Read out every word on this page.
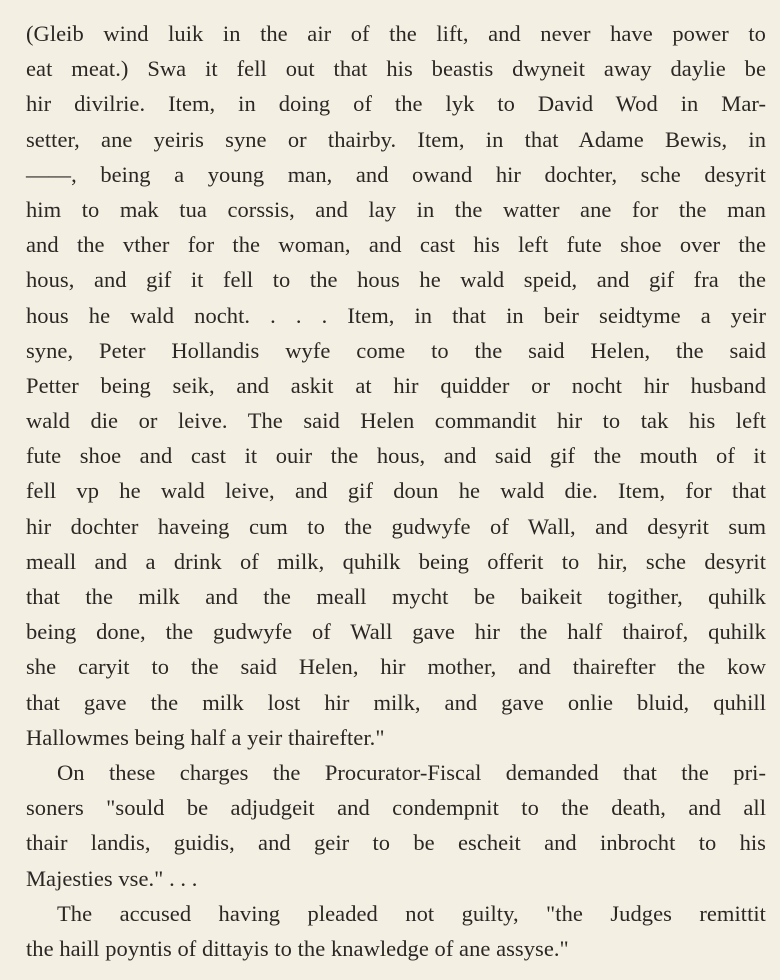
(Gleib wind luik in the air of the lift, and never have power to
eat meat.) Swa it fell out that his beastis dwyneit away daylie be
hir divilrie. Item, in doing of the lyk to David Wod in Mar-
setter, ane yeiris syne or thairby. Item, in that Adame Bewis, in
——, being a young man, and owand hir dochter, sche desyrit
him to mak tua corssis, and lay in the watter ane for the man
and the vther for the woman, and cast his left fute shoe over the
hous, and gif it fell to the hous he wald speid, and gif fra the
hous he wald nocht. . . . Item, in that in beir seidtyme a yeir
syne, Peter Hollandis wyfe come to the said Helen, the said
Petter being seik, and askit at hir quidder or nocht hir husband
wald die or leive. The said Helen commandit hir to tak his left
fute shoe and cast it ouir the hous, and said gif the mouth of it
fell vp he wald leive, and gif doun he wald die. Item, for that
hir dochter haveing cum to the gudwyfe of Wall, and desyrit sum
meall and a drink of milk, quhilk being offerit to hir, sche desyrit
that the milk and the meall mycht be baikeit togither, quhilk
being done, the gudwyfe of Wall gave hir the half thairof, quhilk
she caryit to the said Helen, hir mother, and thairefter the kow
that gave the milk lost hir milk, and gave onlie bluid, quhill
Hallowmes being half a yeir thairefter."
On these charges the Procurator-Fiscal demanded that the pri-
soners "sould be adjudgeit and condempnit to the death, and all
thair landis, guidis, and geir to be escheit and inbrocht to his
Majesties vse." . . .
The accused having pleaded not guilty, "the Judges remittit
the haill poyntis of dittayis to the knawledge of ane assyse."
